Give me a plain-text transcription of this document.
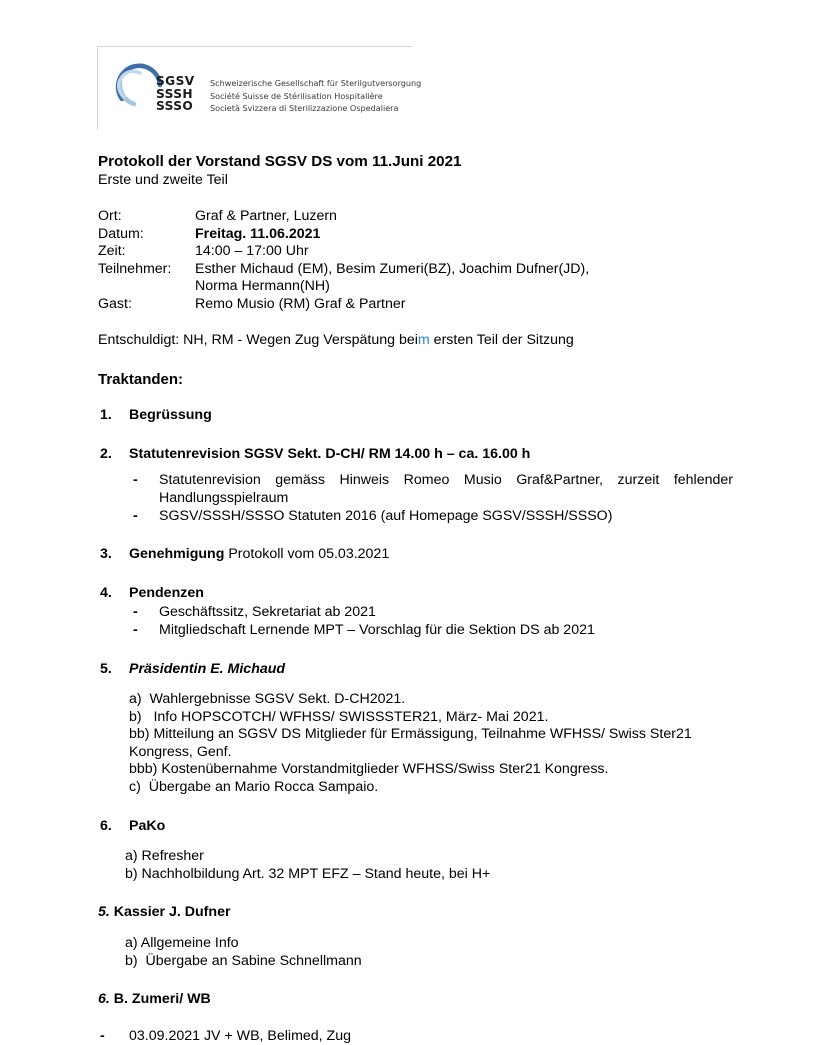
SGSV
SSSH
SSSO
Schweizerische Gesellschaft für Sterilgutversorgung
Société Suisse de Stérilisation Hospitalière
Società Svizzera di Sterilizzazione Ospedaliera
Protokoll der Vorstand SGSV DS vom 11.Juni 2021
Erste und zweite Teil
Ort:	Graf & Partner, Luzern
Datum:	Freitag. 11.06.2021
Zeit:	14:00 – 17:00 Uhr
Teilnehmer:	Esther Michaud (EM), Besim Zumeri(BZ), Joachim Dufner(JD),
Norma Hermann(NH)
Gast:	Remo Musio (RM) Graf & Partner
Entschuldigt: NH, RM - Wegen Zug Verspätung beim ersten Teil der Sitzung
Traktanden:
1. Begrüssung
2. Statutenrevision SGSV Sekt. D-CH/ RM 14.00 h – ca. 16.00 h
- Statutenrevision gemäss Hinweis Romeo Musio Graf&Partner, zurzeit fehlender Handlungsspielraum

- SGSV/SSSH/SSSO Statuten 2016 (auf Homepage SGSV/SSSH/SSSO)

3. Genehmigung Protokoll vom 05.03.2021
4. Pendenzen
- Geschäftssitz, Sekretariat ab 2021

- Mitgliedschaft Lernende MPT – Vorschlag für die Sektion DS ab 2021

5. Präsidentin E. Michaud
a)  Wahlergebnisse SGSV Sekt. D-CH2021.
b)   Info HOPSCOTCH/ WFHSS/ SWISSSTER21, März- Mai 2021.
bb) Mitteilung an SGSV DS Mitglieder für Ermässigung, Teilnahme WFHSS/ Swiss Ster21
Kongress, Genf.
bbb) Kostenübernahme Vorstandmitglieder WFHSS/Swiss Ster21 Kongress.
c)  Übergabe an Mario Rocca Sampaio.
6. PaKo
a) Refresher
b) Nachholbildung Art. 32 MPT EFZ – Stand heute, bei H+
5. Kassier J. Dufner
a) Allgemeine Info
b)  Übergabe an Sabine Schnellmann
6. B. Zumeri/ WB
- 03.09.2021 JV + WB, Belimed, Zug
